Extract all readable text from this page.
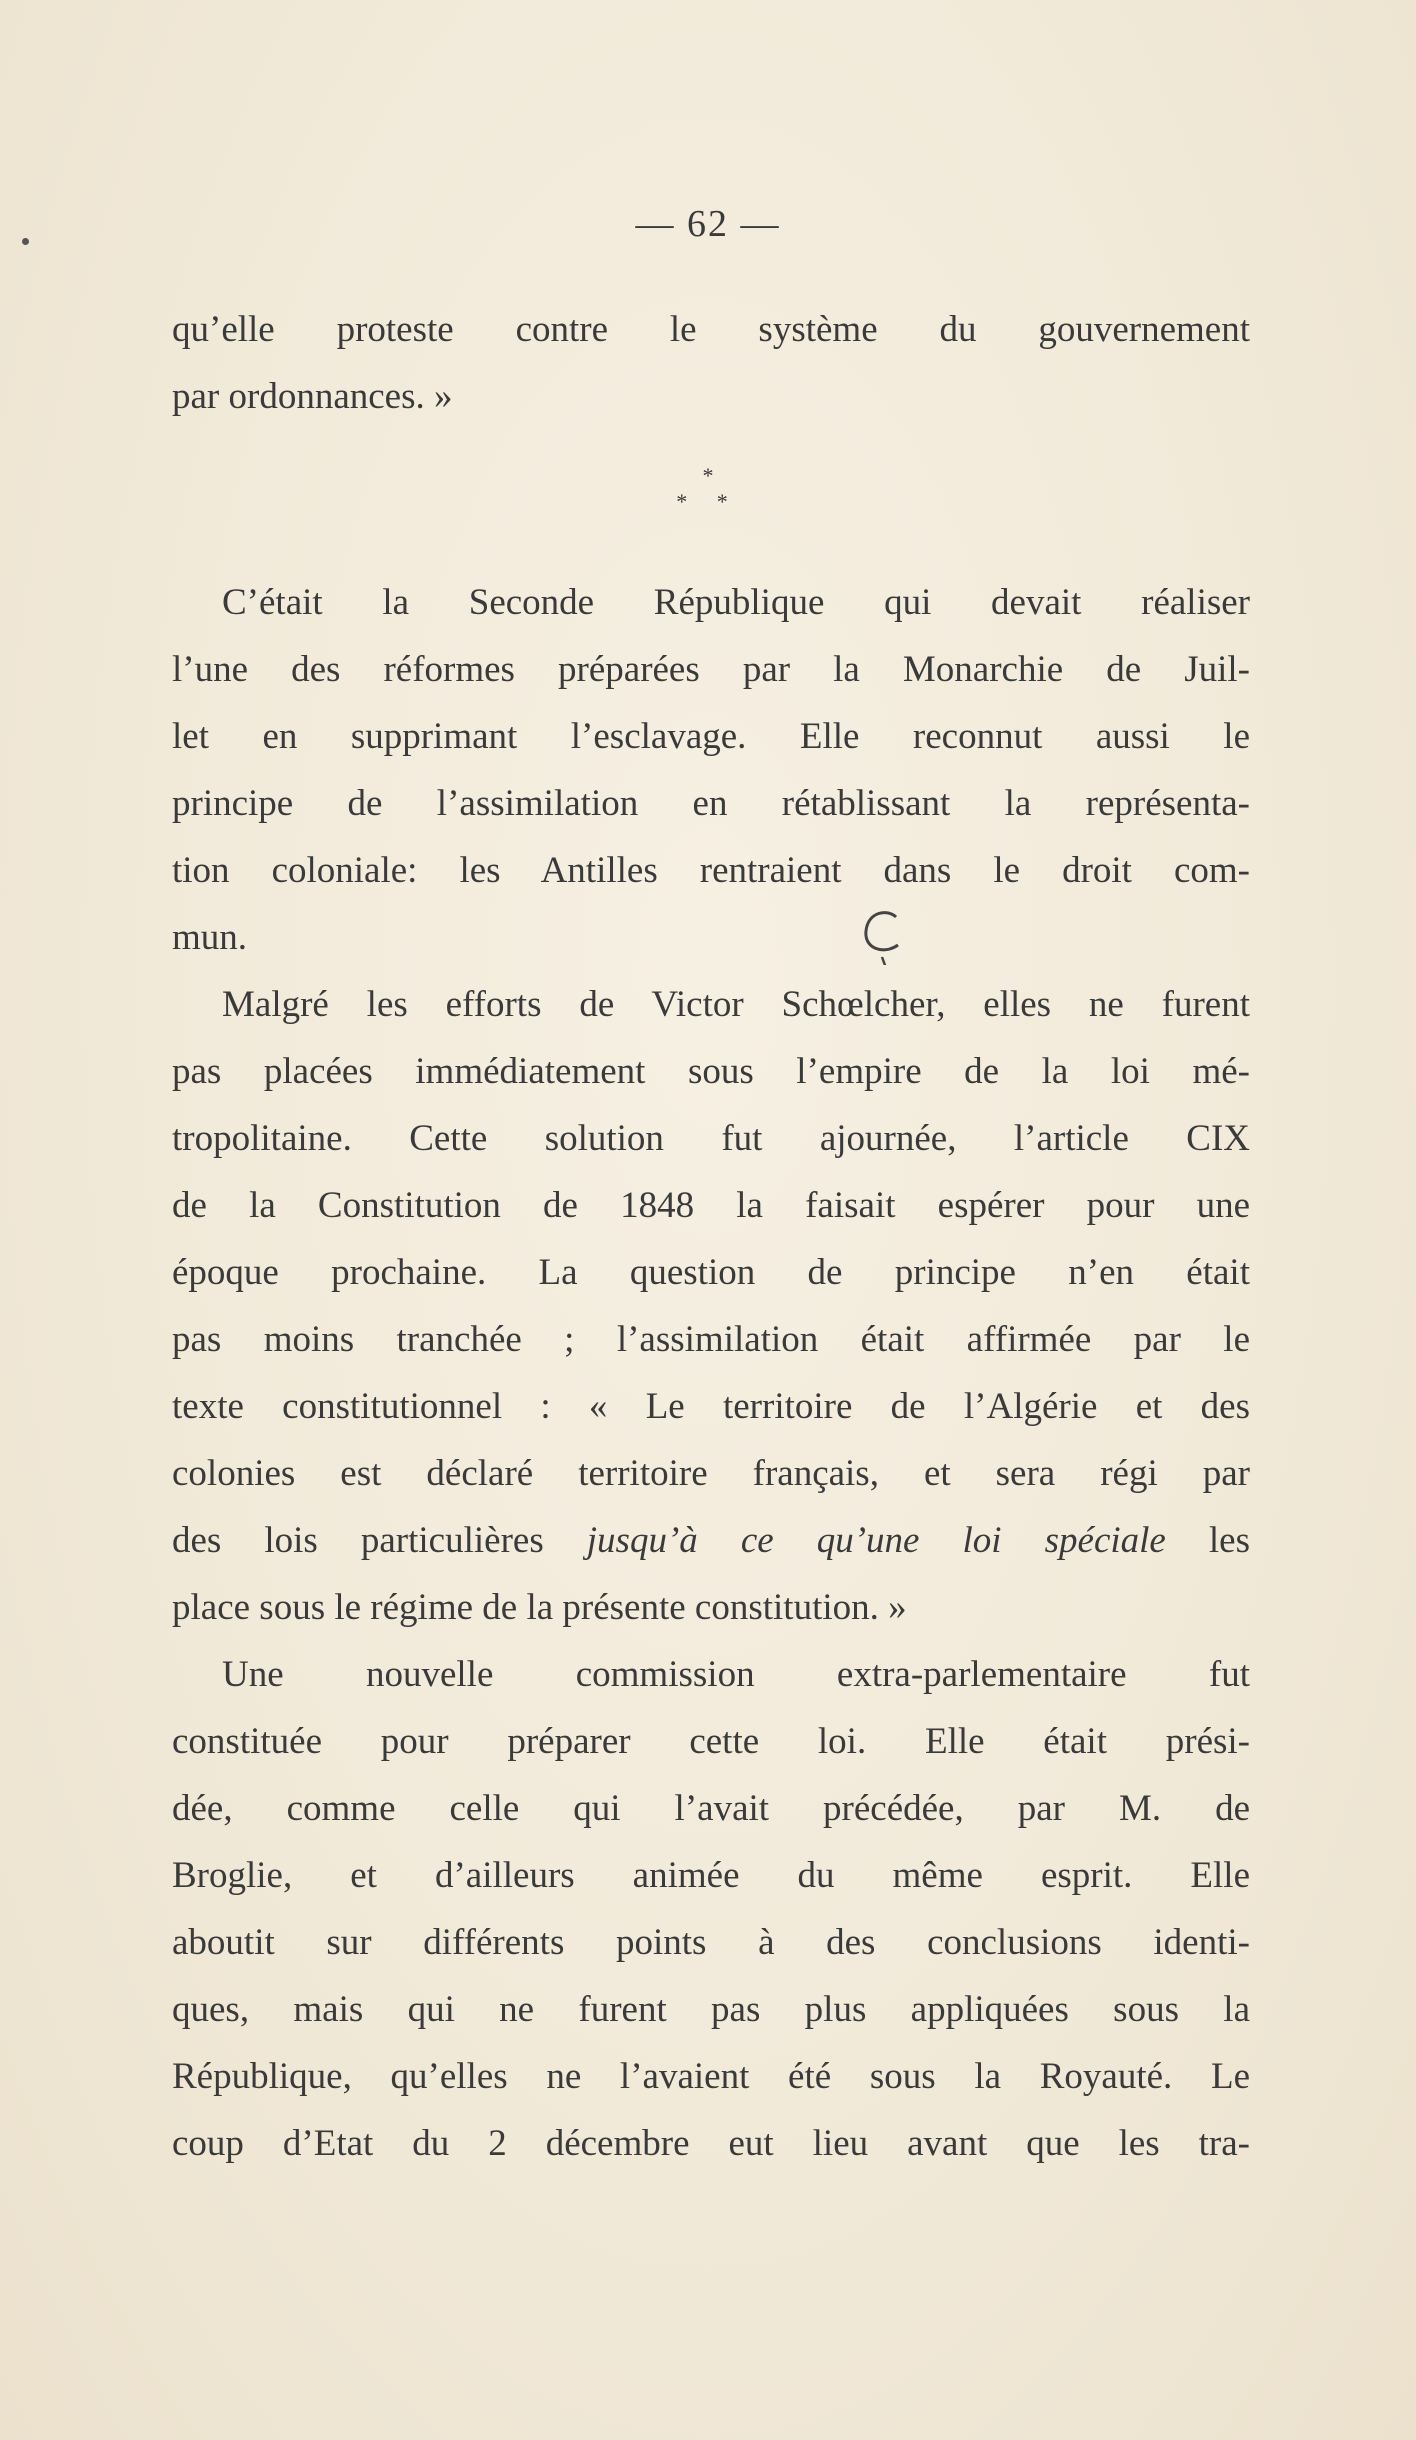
— 62 —
qu’elle proteste contre le système du gouvernement
par ordonnances. »
*
* *
C’était la Seconde République qui devait réaliser
l’une des réformes préparées par la Monarchie de Juil-
let en supprimant l’esclavage. Elle reconnut aussi le
principe de l’assimilation en rétablissant la représenta-
tion coloniale: les Antilles rentraient dans le droit com-
mun.
Malgré les efforts de Victor Schœlcher, elles ne furent
pas placées immédiatement sous l’empire de la loi mé-
tropolitaine. Cette solution fut ajournée, l’article CIX
de la Constitution de 1848 la faisait espérer pour une
époque prochaine. La question de principe n’en était
pas moins tranchée ; l’assimilation était affirmée par le
texte constitutionnel : « Le territoire de l’Algérie et des
colonies est déclaré territoire français, et sera régi par
des lois particulières jusqu’à ce qu’une loi spéciale les
place sous le régime de la présente constitution. »
Une nouvelle commission extra-parlementaire fut
constituée pour préparer cette loi. Elle était prési-
dée, comme celle qui l’avait précédée, par M. de
Broglie, et d’ailleurs animée du même esprit. Elle
aboutit sur différents points à des conclusions identi-
ques, mais qui ne furent pas plus appliquées sous la
République, qu’elles ne l’avaient été sous la Royauté. Le
coup d’Etat du 2 décembre eut lieu avant que les tra-
